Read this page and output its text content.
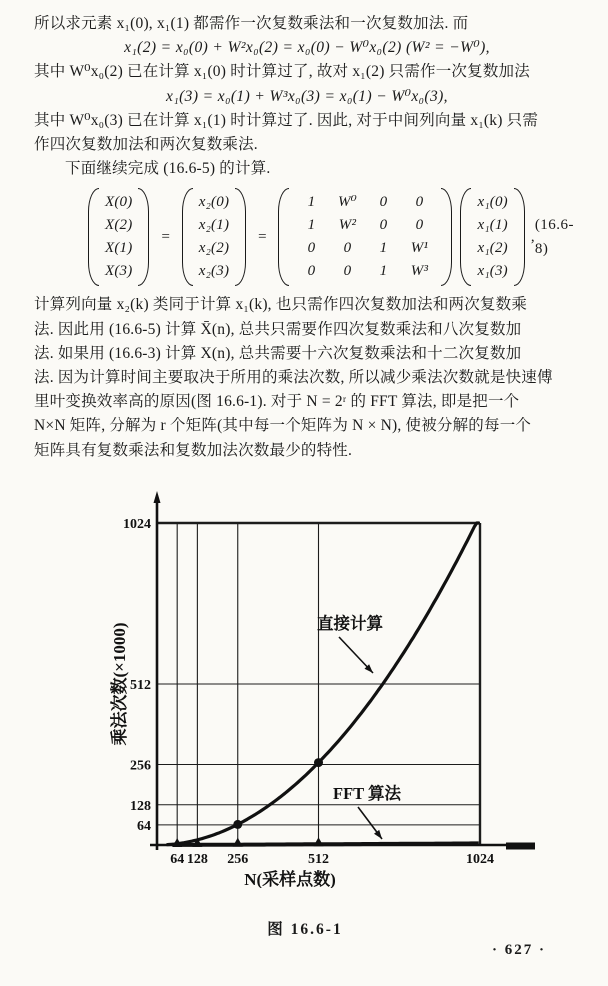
所以求元素 x₁(0), x₁(1) 都需作一次复数乘法和一次复数加法. 而
x₁(2) = x₀(0) + W²x₀(2) = x₀(0) − W⁰x₀(2) (W² = −W⁰),
其中 W⁰x₀(2) 已在计算 x₁(0) 时计算过了, 故对 x₁(2) 只需作一次复数加法
x₁(3) = x₀(1) + W³x₀(3) = x₀(1) − W⁰x₀(3),
其中 W⁰x₀(3) 已在计算 x₁(1) 时计算过了. 因此, 对于中间列向量 x₁(k) 只需
作四次复数加法和两次复数乘法.
下面继续完成 (16.6-5) 的计算.
X(0)
X(2)
X(1)
X(3)
=
x₂(0)
x₂(1)
x₂(2)
x₂(3)
=
1	W⁰	0	0
1	W²	0	0
0	0	1	W¹
0	0	1	W³
x₁(0)
x₁(1)
x₁(2)
x₁(3)
,
(16.6-8)
计算列向量 x₂(k) 类同于计算 x₁(k), 也只需作四次复数加法和两次复数乘
法. 因此用 (16.6-5) 计算 X̄(n), 总共只需要作四次复数乘法和八次复数加
法. 如果用 (16.6-3) 计算 X(n), 总共需要十六次复数乘法和十二次复数加
法. 因为计算时间主要取决于所用的乘法次数, 所以减少乘法次数就是快速傅
里叶变换效率高的原因(图 16.6-1). 对于 N = 2ʳ 的 FFT 算法, 即是把一个
N×N 矩阵, 分解为 r 个矩阵(其中每一个矩阵为 N × N), 使被分解的每一个
矩阵具有复数乘法和复数加法次数最少的特性.
64
128
256
512
1024
64 128 256	512	1024
直接计算
FFT 算法
N(采样点数)
乘法次数(×1000)
图 16.6-1
· 627 ·
